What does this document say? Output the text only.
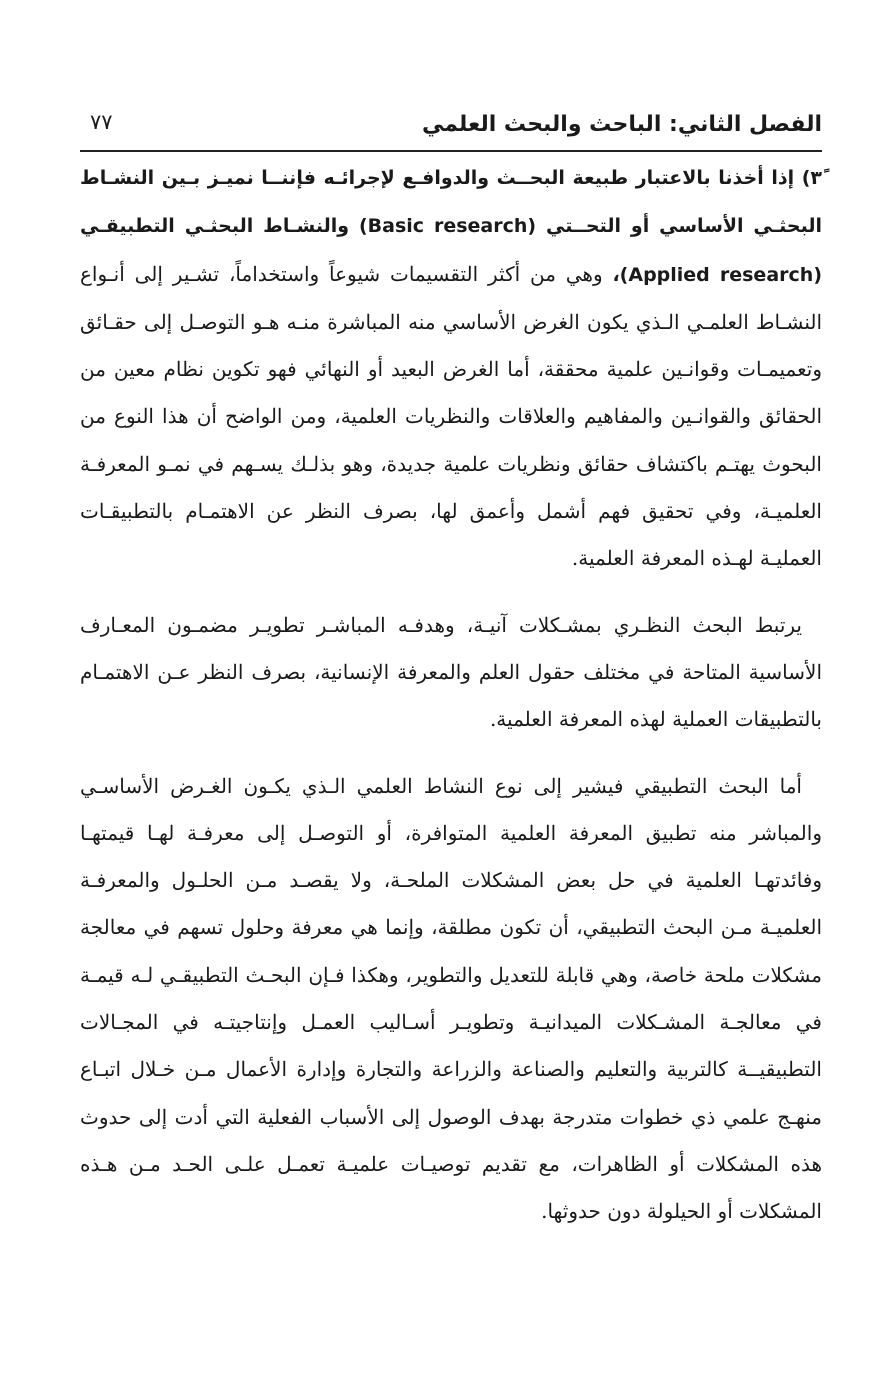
الفصل الثاني: الباحث والبحث العلمي
٧٧

٣ً) إذا أخذنا بالاعتبار طبيعة البحــث والدوافـع لإجرائـه فإننــا نميـز بـين النشـاط البحثـي الأساسي أو التحــتي (Basic research) والنشـاط البحثـي التطبيقـي (Applied research)، وهي من أكثر التقسيمات شيوعاً واستخداماً، تشـير إلى أنـواع النشـاط العلمـي الـذي يكون الغرض الأساسي منه المباشرة منـه هـو التوصـل إلى حقـائق وتعميمـات وقوانـين علمية محققة، أما الغرض البعيد أو النهائي فهو تكوين نظام معين من الحقائق والقوانـين والمفاهيم والعلاقات والنظريات العلمية، ومن الواضح أن هذا النوع من البحوث يهتـم باكتشاف حقائق ونظريات علمية جديدة، وهو بذلـك يسـهم في نمـو المعرفـة العلميـة، وفي تحقيق فهم أشمل وأعمق لها، بصرف النظر عن الاهتمـام بالتطبيقـات العمليـة لهـذه المعرفة العلمية.

يرتبط البحث النظـري بمشـكلات آنيـة، وهدفـه المباشـر تطويـر مضمـون المعـارف الأساسية المتاحة في مختلف حقول العلم والمعرفة الإنسانية، بصرف النظر عـن الاهتمـام بالتطبيقات العملية لهذه المعرفة العلمية.

أما البحث التطبيقي فيشير إلى نوع النشاط العلمي الـذي يكـون الغـرض الأساسـي والمباشر منه تطبيق المعرفة العلمية المتوافرة، أو التوصـل إلى معرفـة لهـا قيمتهـا وفائدتهـا العلمية في حل بعض المشكلات الملحـة، ولا يقصـد مـن الحلـول والمعرفـة العلميـة مـن البحث التطبيقي، أن تكون مطلقة، وإنما هي معرفة وحلول تسهم في معالجة مشكلات ملحة خاصة، وهي قابلة للتعديل والتطوير، وهكذا فـإن البحـث التطبيقـي لـه قيمـة في معالجـة المشـكلات الميدانيـة وتطويـر أسـاليب العمـل وإنتاجيتـه في المجـالات التطبيقيــة كالتربية والتعليم والصناعة والزراعة والتجارة وإدارة الأعمال مـن خـلال اتبـاع منهـج علمي ذي خطوات متدرجة بهدف الوصول إلى الأسباب الفعلية التي أدت إلى حدوث هذه المشكلات أو الظاهرات، مع تقديم توصيـات علميـة تعمـل علـى الحـد مـن هـذه المشكلات أو الحيلولة دون حدوثها.
